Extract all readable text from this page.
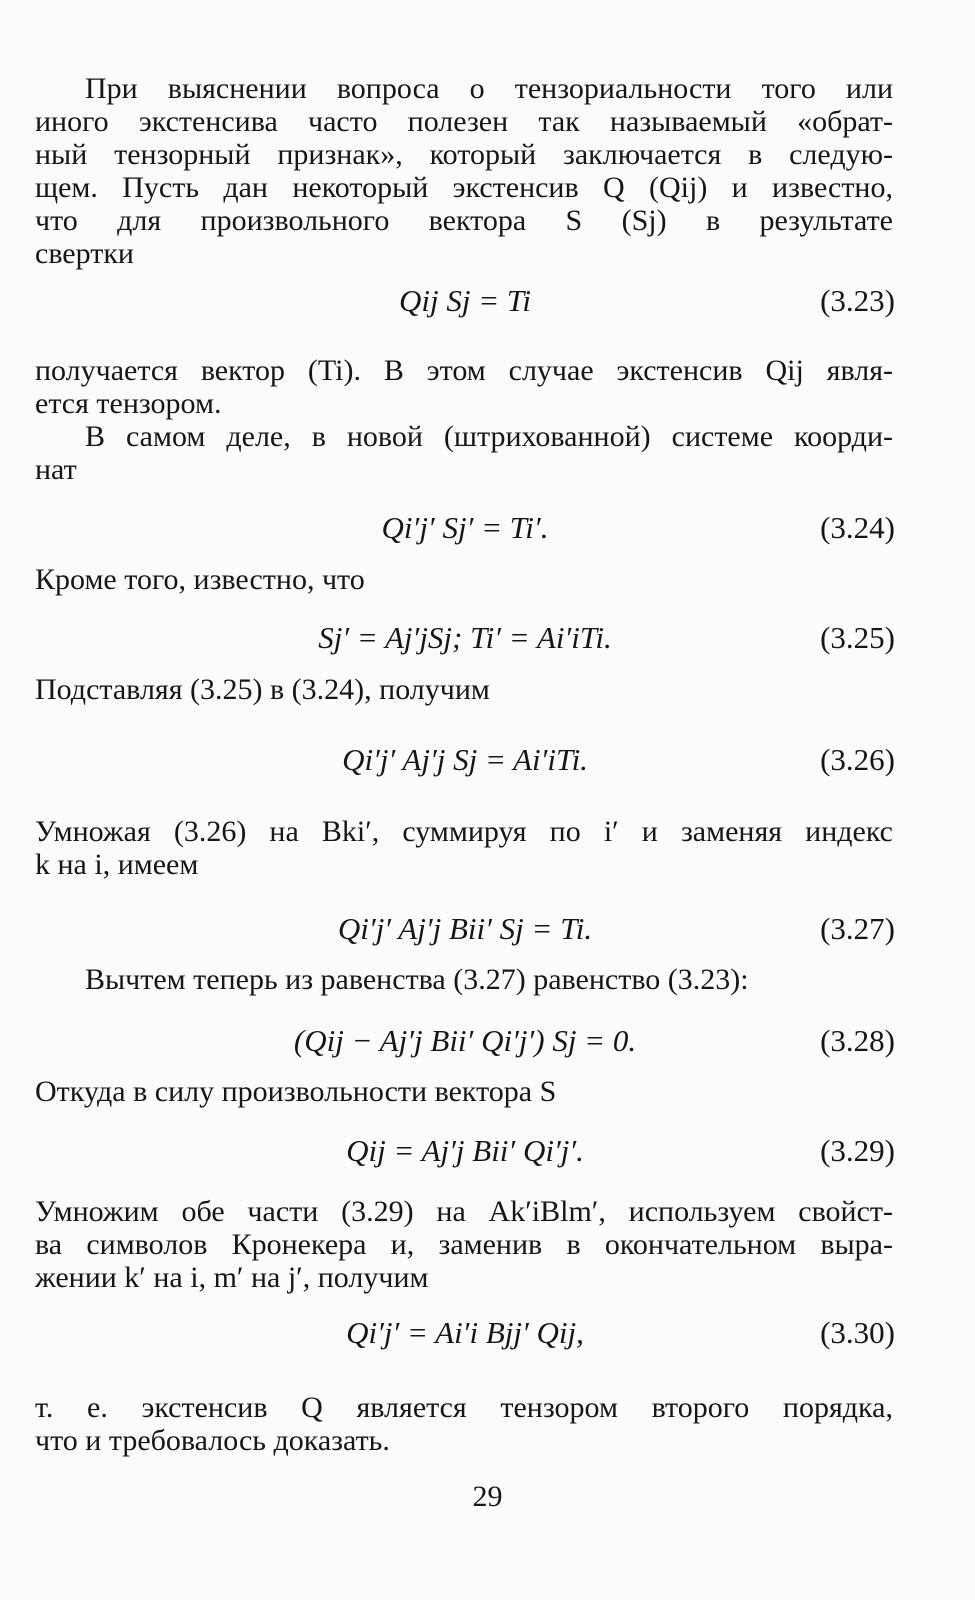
При выяснении вопроса о тензориальности того или
иного экстенсива часто полезен так называемый «обрат-
ный тензорный признак», который заключается в следую-
щем. Пусть дан некоторый экстенсив Q (Qij) и известно,
что для произвольного вектора S (Sj) в результате
свертки
Qij Sj = Ti	(3.23)
получается вектор (Ti). В этом случае экстенсив Qij явля-
ется тензором.
В самом деле, в новой (штрихованной) системе коорди-
нат
Qi′j′ Sj′ = Ti′.	(3.24)
Кроме того, известно, что
Sj′ = Aj′jSj; Ti′ = Ai′iTi.	(3.25)
Подставляя (3.25) в (3.24), получим
Qi′j′ Aj′j Sj = Ai′iTi.	(3.26)
Умножая (3.26) на Bki′, суммируя по i′ и заменяя индекс
k на i, имеем
Qi′j′ Aj′j Bii′ Sj = Ti.	(3.27)
Вычтем теперь из равенства (3.27) равенство (3.23):
(Qij − Aj′j Bii′ Qi′j′) Sj = 0.	(3.28)
Откуда в силу произвольности вектора S
Qij = Aj′j Bii′ Qi′j′.	(3.29)
Умножим обе части (3.29) на Ak′iBlm′, используем свойст-
ва символов Кронекера и, заменив в окончательном выра-
жении k′ на i, m′ на j′, получим
Qi′j′ = Ai′i Bjj′ Qij,	(3.30)
т. е. экстенсив Q является тензором второго порядка,
что и требовалось доказать.
29
